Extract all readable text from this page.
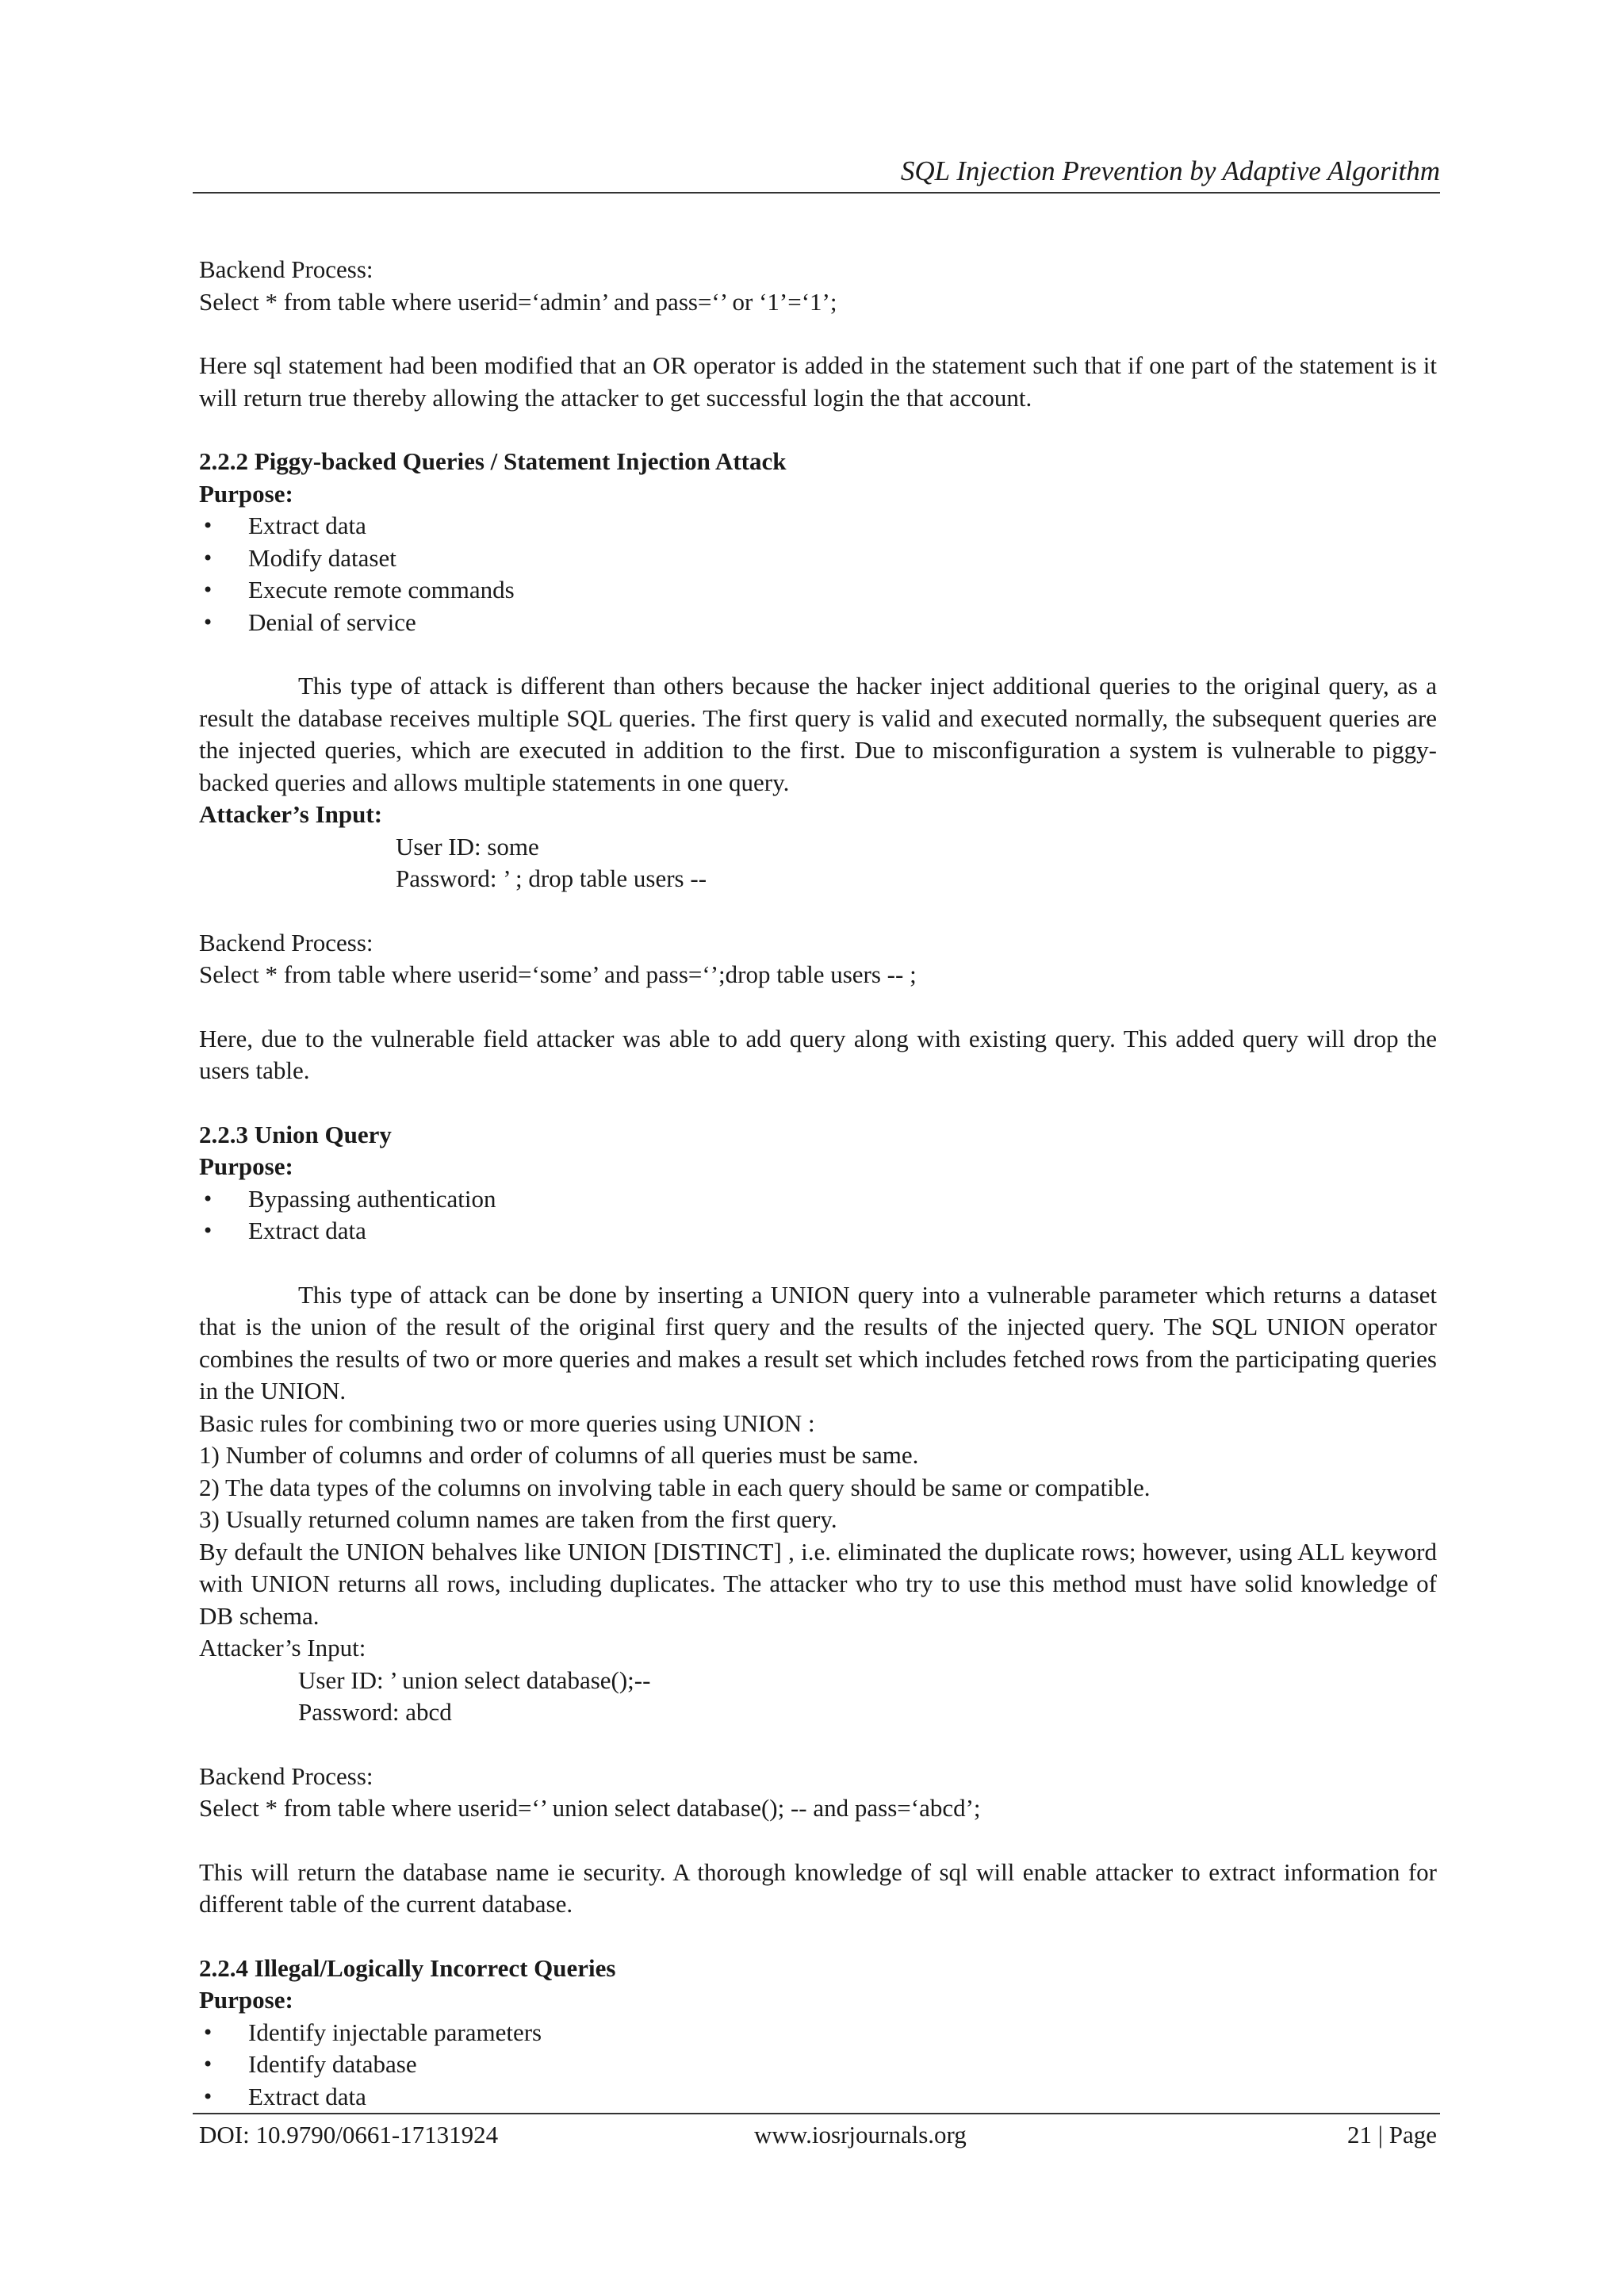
SQL Injection Prevention by Adaptive Algorithm

Backend Process:

Select * from table where userid=‘admin’ and pass=‘’ or ‘1’=‘1’;

Here sql statement had been modified that an OR operator is added in the statement such that if one part of the statement is it will return true thereby allowing the attacker to get successful login the that account.

2.2.2 Piggy-backed Queries / Statement Injection Attack

Purpose:

• Extract data
• Modify dataset
• Execute remote commands
• Denial of service

This type of attack is different than others because the hacker inject additional queries to the original query, as a result the database receives multiple SQL queries. The first query is valid and executed normally, the subsequent queries are the injected queries, which are executed in addition to the first. Due to misconfiguration a system is vulnerable to piggy-backed queries and allows multiple statements in one query.

Attacker’s Input:

User ID: some

Password: ’ ; drop table users --

Backend Process:

Select * from table where userid=‘some’ and pass=‘’;drop table users -- ;

Here, due to the vulnerable field attacker was able to add query along with existing query. This added query will drop the users table.

2.2.3 Union Query

Purpose:

• Bypassing authentication
• Extract data

This type of attack can be done by inserting a UNION query into a vulnerable parameter which returns a dataset that is the union of the result of the original first query and the results of the injected query. The SQL UNION operator combines the results of two or more queries and makes a result set which includes fetched rows from the participating queries in the UNION.

Basic rules for combining two or more queries using UNION :

1) Number of columns and order of columns of all queries must be same.

2) The data types of the columns on involving table in each query should be same or compatible.

3) Usually returned column names are taken from the first query.

By default the UNION behalves like UNION [DISTINCT] , i.e. eliminated the duplicate rows; however, using ALL keyword with UNION returns all rows, including duplicates. The attacker who try to use this method must have solid knowledge of DB schema.

Attacker’s Input:

User ID: ’ union select database();--

Password: abcd

Backend Process:

Select * from table where userid=‘’ union select database(); -- and pass=‘abcd’;

This will return the database name ie security. A thorough knowledge of sql will enable attacker to extract information for different table of the current database.

2.2.4 Illegal/Logically Incorrect Queries

Purpose:

• Identify injectable parameters
• Identify database
• Extract data
DOI: 10.9790/0661-17131924	www.iosrjournals.org	21 | Page
